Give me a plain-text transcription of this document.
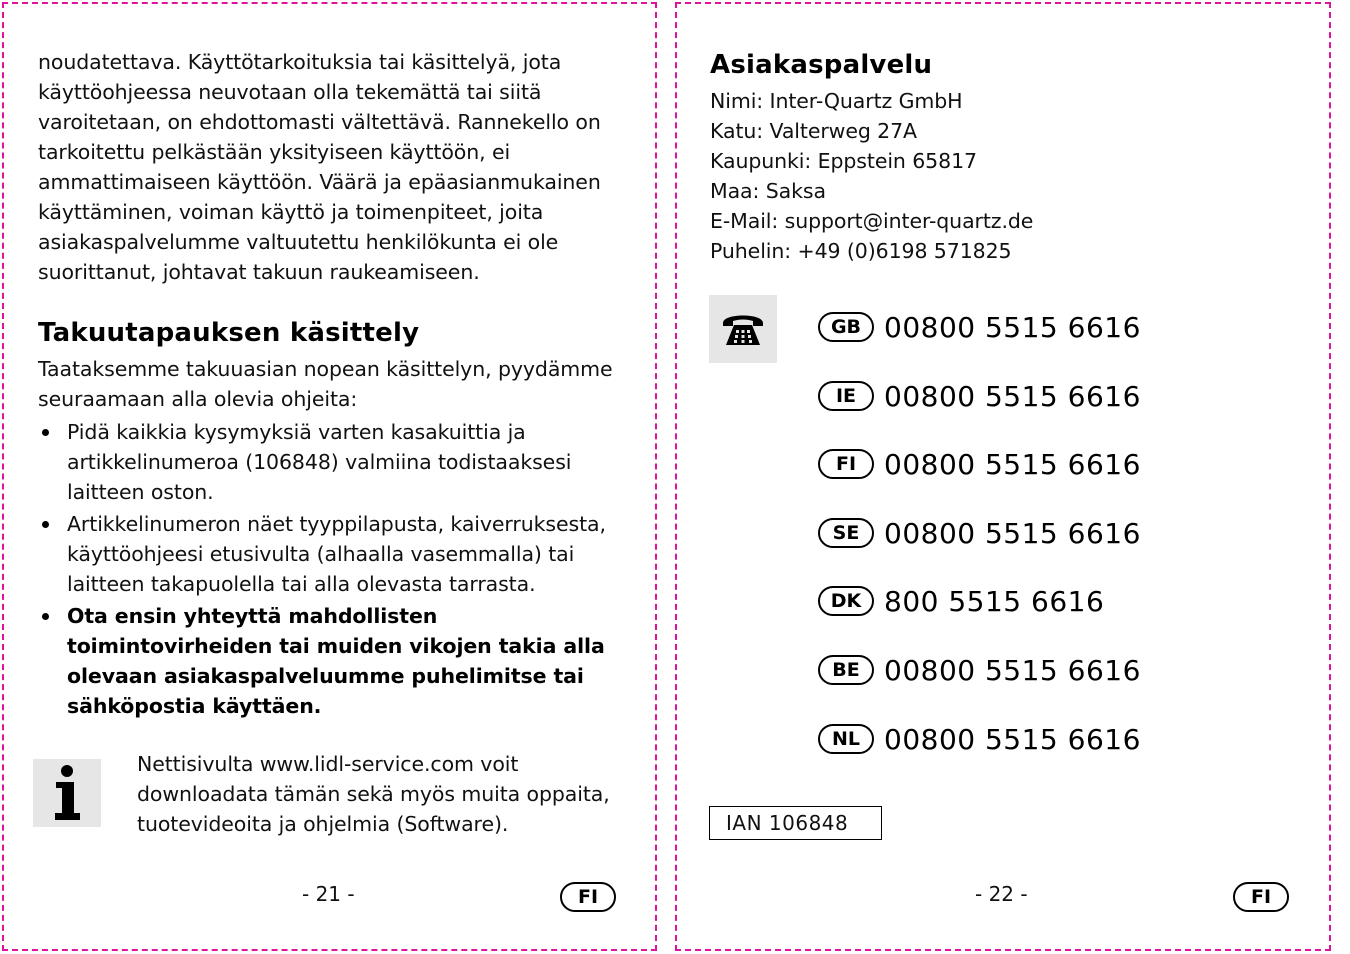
noudatettava. Käyttötarkoituksia tai käsittelyä, jota käyttöohjeessa neuvotaan olla tekemättä tai siitä varoitetaan, on ehdottomasti vältettävä. Rannekello on tarkoitettu pelkästään yksityiseen käyttöön, ei ammattimaiseen käyttöön. Väärä ja epäasianmukainen käyttäminen, voiman käyttö ja toimenpiteet, joita asiakaspalvelumme valtuutettu henkilökunta ei ole suorittanut, johtavat takuun raukeamiseen.

Takuutapauksen käsittely

Taataksemme takuuasian nopean käsittelyn, pyydämme seuraamaan alla olevia ohjeita:

Pidä kaikkia kysymyksiä varten kasakuittia ja artikkelinumeroa (106848) valmiina todistaaksesi laitteen oston.
Artikkelinumeron näet tyyppilapusta, kaiverruksesta, käyttöohjeesi etusivulta (alhaalla vasemmalla) tai laitteen takapuolella tai alla olevasta tarrasta.
Ota ensin yhteyttä mahdollisten toimintovirheiden tai muiden vikojen takia alla olevaan asiakaspalveluumme puhelimitse tai sähköpostia käyttäen.

Nettisivulta www.lidl-service.com voit downloadata tämän sekä myös muita oppaita, tuotevideoita ja ohjelmia (Software).

- 21 -	FI
Asiakaspalvelu
Nimi: Inter-Quartz GmbH
Katu: Valterweg 27A
Kaupunki: Eppstein 65817
Maa: Saksa
E-Mail: support@inter-quartz.de
Puhelin: +49 (0)6198 571825
GB 00800 5515 6616
IE 00800 5515 6616
FI 00800 5515 6616
SE 00800 5515 6616
DK 800 5515 6616
BE 00800 5515 6616
NL 00800 5515 6616
IAN 106848
- 22 -	FI
